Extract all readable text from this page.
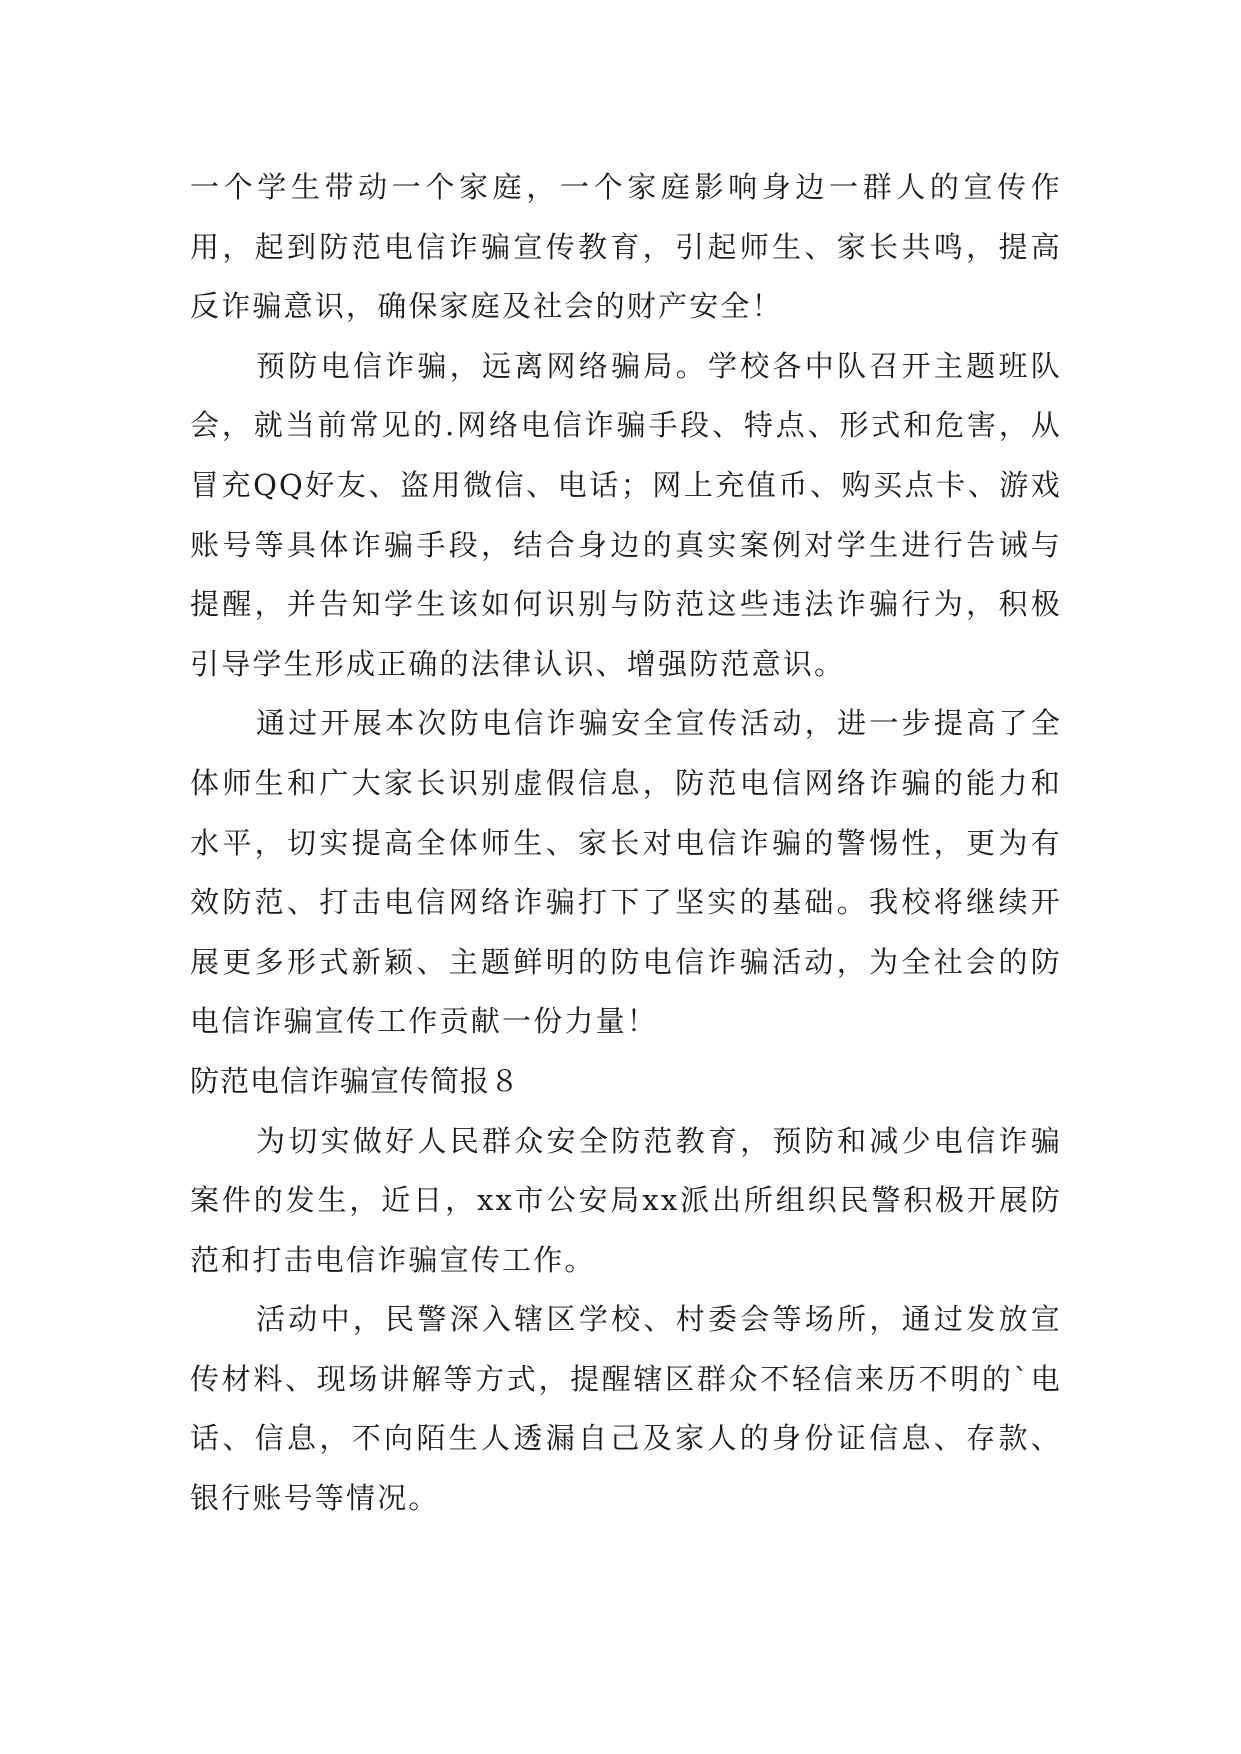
一个学生带动一个家庭，一个家庭影响身边一群人的宣传作用，起到防范电信诈骗宣传教育，引起师生、家长共鸣，提高反诈骗意识，确保家庭及社会的财产安全！

预防电信诈骗，远离网络骗局。学校各中队召开主题班队会，就当前常见的.网络电信诈骗手段、特点、形式和危害，从冒充QQ好友、盗用微信、电话；网上充值币、购买点卡、游戏账号等具体诈骗手段，结合身边的真实案例对学生进行告诫与提醒，并告知学生该如何识别与防范这些违法诈骗行为，积极引导学生形成正确的法律认识、增强防范意识。

通过开展本次防电信诈骗安全宣传活动，进一步提高了全体师生和广大家长识别虚假信息，防范电信网络诈骗的能力和水平，切实提高全体师生、家长对电信诈骗的警惕性，更为有效防范、打击电信网络诈骗打下了坚实的基础。我校将继续开展更多形式新颖、主题鲜明的防电信诈骗活动，为全社会的防电信诈骗宣传工作贡献一份力量！

防范电信诈骗宣传简报８

为切实做好人民群众安全防范教育，预防和减少电信诈骗案件的发生，近日，xx市公安局xx派出所组织民警积极开展防范和打击电信诈骗宣传工作。

活动中，民警深入辖区学校、村委会等场所，通过发放宣传材料、现场讲解等方式，提醒辖区群众不轻信来历不明的`电话、信息，不向陌生人透漏自己及家人的身份证信息、存款、银行账号等情况。
